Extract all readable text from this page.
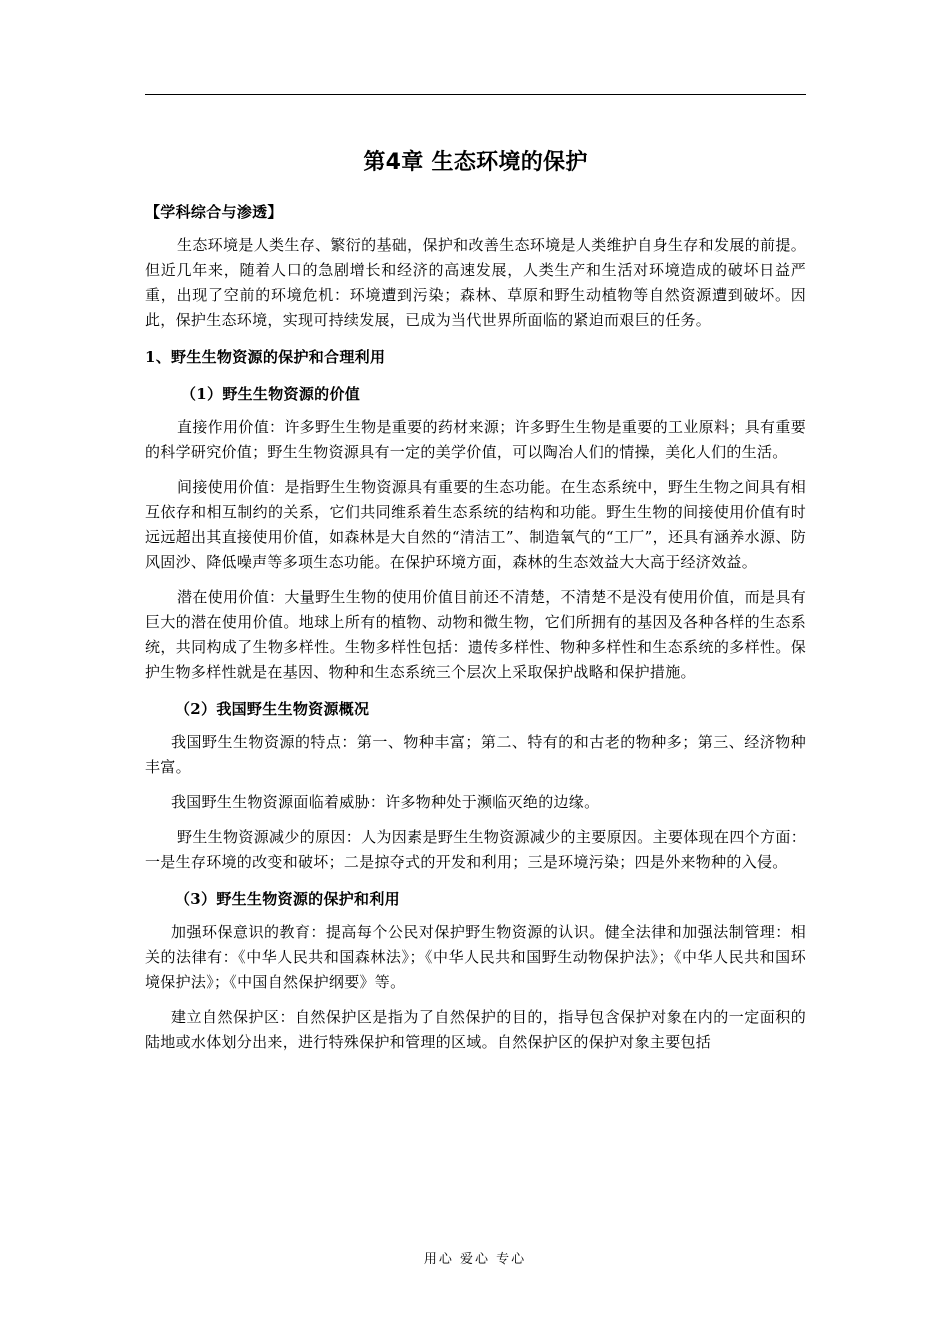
第4章 生态环境的保护
【学科综合与渗透】

生态环境是人类生存、繁衍的基础，保护和改善生态环境是人类维护自身生存和发展的前提。但近几年来，随着人口的急剧增长和经济的高速发展，人类生产和生活对环境造成的破坏日益严重，出现了空前的环境危机：环境遭到污染；森林、草原和野生动植物等自然资源遭到破坏。因此，保护生态环境，实现可持续发展，已成为当代世界所面临的紧迫而艰巨的任务。

1、野生生物资源的保护和合理利用
（1）野生生物资源的价值

直接作用价值：许多野生生物是重要的药材来源；许多野生生物是重要的工业原料；具有重要的科学研究价值；野生生物资源具有一定的美学价值，可以陶冶人们的情操，美化人们的生活。

间接使用价值：是指野生生物资源具有重要的生态功能。在生态系统中，野生生物之间具有相互依存和相互制约的关系，它们共同维系着生态系统的结构和功能。野生生物的间接使用价值有时远远超出其直接使用价值，如森林是大自然的“清洁工”、制造氧气的“工厂”，还具有涵养水源、防风固沙、降低噪声等多项生态功能。在保护环境方面，森林的生态效益大大高于经济效益。

潜在使用价值：大量野生生物的使用价值目前还不清楚，不清楚不是没有使用价值，而是具有巨大的潜在使用价值。地球上所有的植物、动物和微生物，它们所拥有的基因及各种各样的生态系统，共同构成了生物多样性。生物多样性包括：遗传多样性、物种多样性和生态系统的多样性。保护生物多样性就是在基因、物种和生态系统三个层次上采取保护战略和保护措施。

（2）我国野生生物资源概况

我国野生生物资源的特点：第一、物种丰富；第二、特有的和古老的物种多；第三、经济物种丰富。

我国野生生物资源面临着威胁：许多物种处于濒临灭绝的边缘。

野生生物资源减少的原因：人为因素是野生生物资源减少的主要原因。主要体现在四个方面：一是生存环境的改变和破坏；二是掠夺式的开发和利用；三是环境污染；四是外来物种的入侵。

（3）野生生物资源的保护和利用

加强环保意识的教育：提高每个公民对保护野生物资源的认识。健全法律和加强法制管理：相关的法律有：《中华人民共和国森林法》；《中华人民共和国野生动物保护法》；《中华人民共和国环境保护法》；《中国自然保护纲要》等。

建立自然保护区：自然保护区是指为了自然保护的目的，指导包含保护对象在内的一定面积的陆地或水体划分出来，进行特殊保护和管理的区域。自然保护区的保护对象主要包括

用心 爱心 专心
